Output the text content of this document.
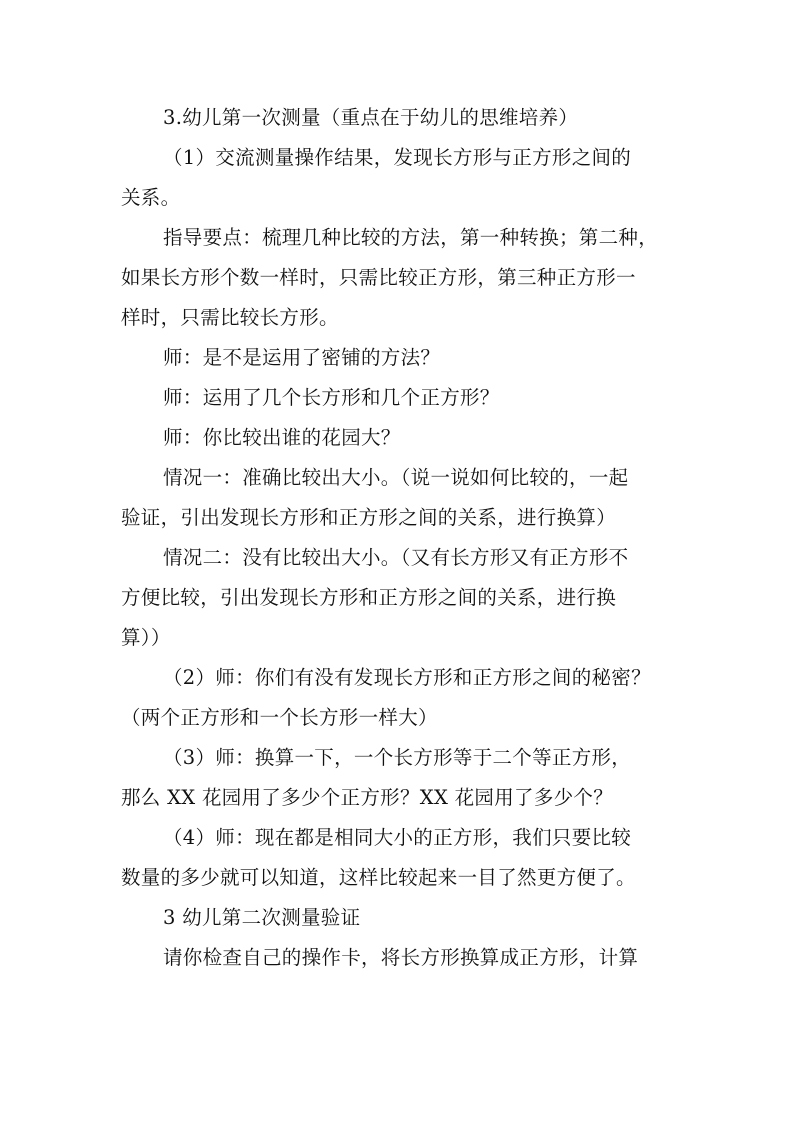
3.幼儿第一次测量（重点在于幼儿的思维培养）

（1）交流测量操作结果，发现长方形与正方形之间的
关系。

指导要点：梳理几种比较的方法，第一种转换；第二种，
如果长方形个数一样时，只需比较正方形，第三种正方形一
样时，只需比较长方形。

师：是不是运用了密铺的方法？

师：运用了几个长方形和几个正方形？

师：你比较出谁的花园大？

情况一：准确比较出大小。（说一说如何比较的，一起
验证，引出发现长方形和正方形之间的关系，进行换算）

情况二：没有比较出大小。（又有长方形又有正方形不
方便比较，引出发现长方形和正方形之间的关系，进行换
算））

（2）师：你们有没有发现长方形和正方形之间的秘密？
（两个正方形和一个长方形一样大）

（3）师：换算一下，一个长方形等于二个等正方形，
那么 XX 花园用了多少个正方形？XX 花园用了多少个？

（4）师：现在都是相同大小的正方形，我们只要比较
数量的多少就可以知道，这样比较起来一目了然更方便了。

3 幼儿第二次测量验证

请你检查自己的操作卡，将长方形换算成正方形，计算
